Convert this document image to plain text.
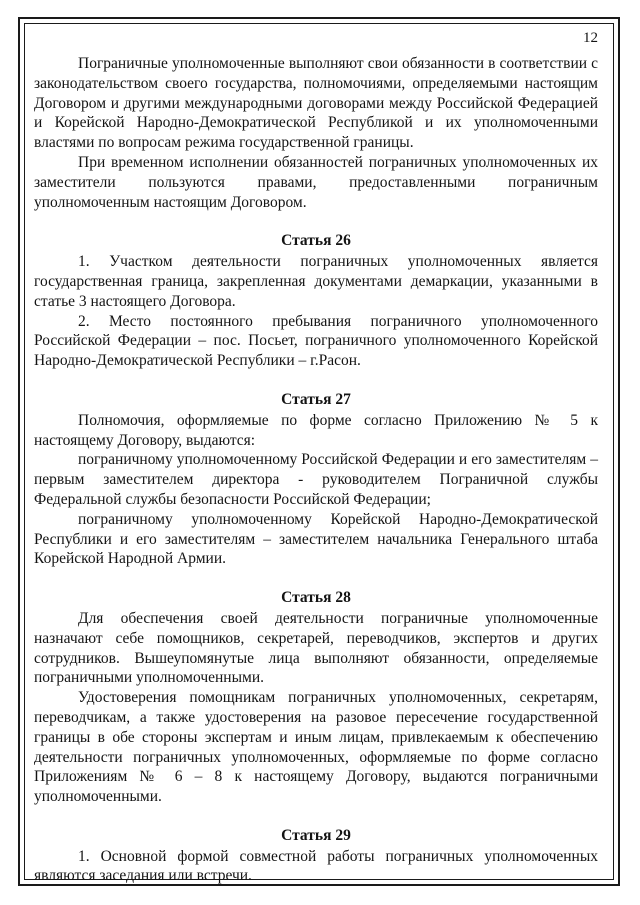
12

Пограничные уполномоченные выполняют свои обязанности в соответствии с законодательством своего государства, полномочиями, определяемыми настоящим Договором и другими международными договорами между Российской Федерацией и Корейской Народно-Демократической Республикой и их уполномоченными властями по вопросам режима государственной границы.

При временном исполнении обязанностей пограничных уполномоченных их заместители пользуются правами, предоставленными пограничным уполномоченным настоящим Договором.

Статья 26

1. Участком деятельности пограничных уполномоченных является государственная граница, закрепленная документами демаркации, указанными в статье 3 настоящего Договора.

2. Место постоянного пребывания пограничного уполномоченного Российской Федерации – пос. Посьет, пограничного уполномоченного Корейской Народно-Демократической Республики – г.Расон.

Статья 27

Полномочия, оформляемые по форме согласно Приложению № 5 к настоящему Договору, выдаются:

пограничному уполномоченному Российской Федерации и его заместителям – первым заместителем директора - руководителем Пограничной службы Федеральной службы безопасности Российской Федерации;

пограничному уполномоченному Корейской Народно-Демократической Республики и его заместителям – заместителем начальника Генерального штаба Корейской Народной Армии.

Статья 28

Для обеспечения своей деятельности пограничные уполномоченные назначают себе помощников, секретарей, переводчиков, экспертов и других сотрудников. Вышеупомянутые лица выполняют обязанности, определяемые пограничными уполномоченными.

Удостоверения помощникам пограничных уполномоченных, секретарям, переводчикам, а также удостоверения на разовое пересечение государственной границы в обе стороны экспертам и иным лицам, привлекаемым к обеспечению деятельности пограничных уполномоченных, оформляемые по форме согласно Приложениям № 6 – 8 к настоящему Договору, выдаются пограничными уполномоченными.

Статья 29

1. Основной формой совместной работы пограничных уполномоченных являются заседания или встречи.
